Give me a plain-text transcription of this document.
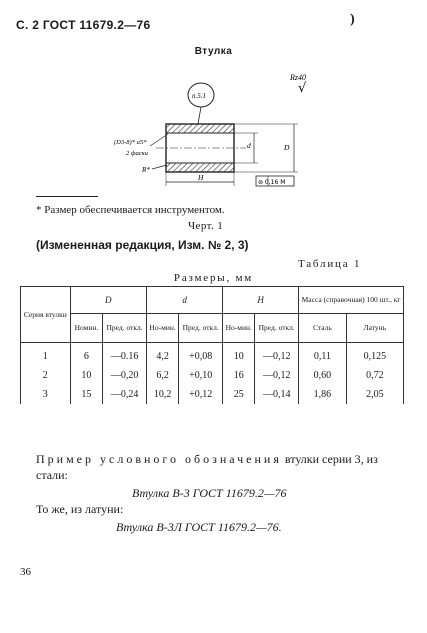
С. 2 ГОСТ 11679.2—76	)
Втулка
Rz40
√
п.5.1
(D3-8)* и5*
2 фаски
R*
d	D
H
⊚ 0,16 М
* Размер обеспечивается инструментом.
Черт. 1
(Измененная редакция, Изм. № 2, 3)
Таблица 1
Размеры, мм
Серия втулки	D		d		H		Масса (справочная) 100 шт., кг	
	Номин.	Пред. откл.	Но-мин.	Пред. откл.	Но-мин.	Пред. откл.	Сталь	Латунь
1	6	—0.16	4,2	+0,08	10	—0,12	0,11	0,125
2	10	—0,20	6,2	+0,10	16	—0,12	0,60	0,72
3	15	—0,24	10,2	+0,12	25	—0,14	1,86	2,05
Пример условного обозначения втулки серии 3, из
стали:
Втулка В-3 ГОСТ 11679.2—76
То же, из латуни:
Втулка В-3Л ГОСТ 11679.2—76.
36
